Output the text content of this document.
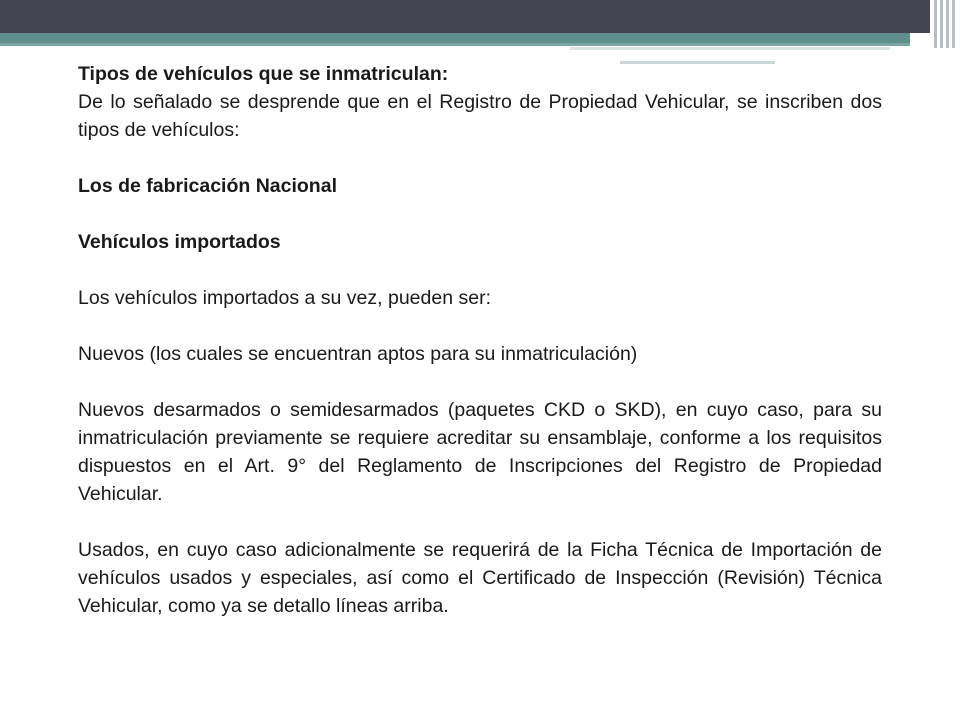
Tipos de vehículos que se inmatriculan:

De lo señalado se desprende que en el Registro de Propiedad Vehicular, se inscriben dos tipos de vehículos:

Los de fabricación Nacional

Vehículos importados

Los vehículos importados a su vez, pueden ser:

Nuevos (los cuales se encuentran aptos para su inmatriculación)

Nuevos desarmados o semidesarmados (paquetes CKD o SKD), en cuyo caso, para su inmatriculación previamente se requiere acreditar su ensamblaje, conforme a los requisitos dispuestos en el Art. 9° del Reglamento de Inscripciones del Registro de Propiedad Vehicular.

Usados, en cuyo caso adicionalmente se requerirá de la Ficha Técnica de Importación de vehículos usados y especiales, así como el Certificado de Inspección (Revisión) Técnica Vehicular, como ya se detallo líneas arriba.
